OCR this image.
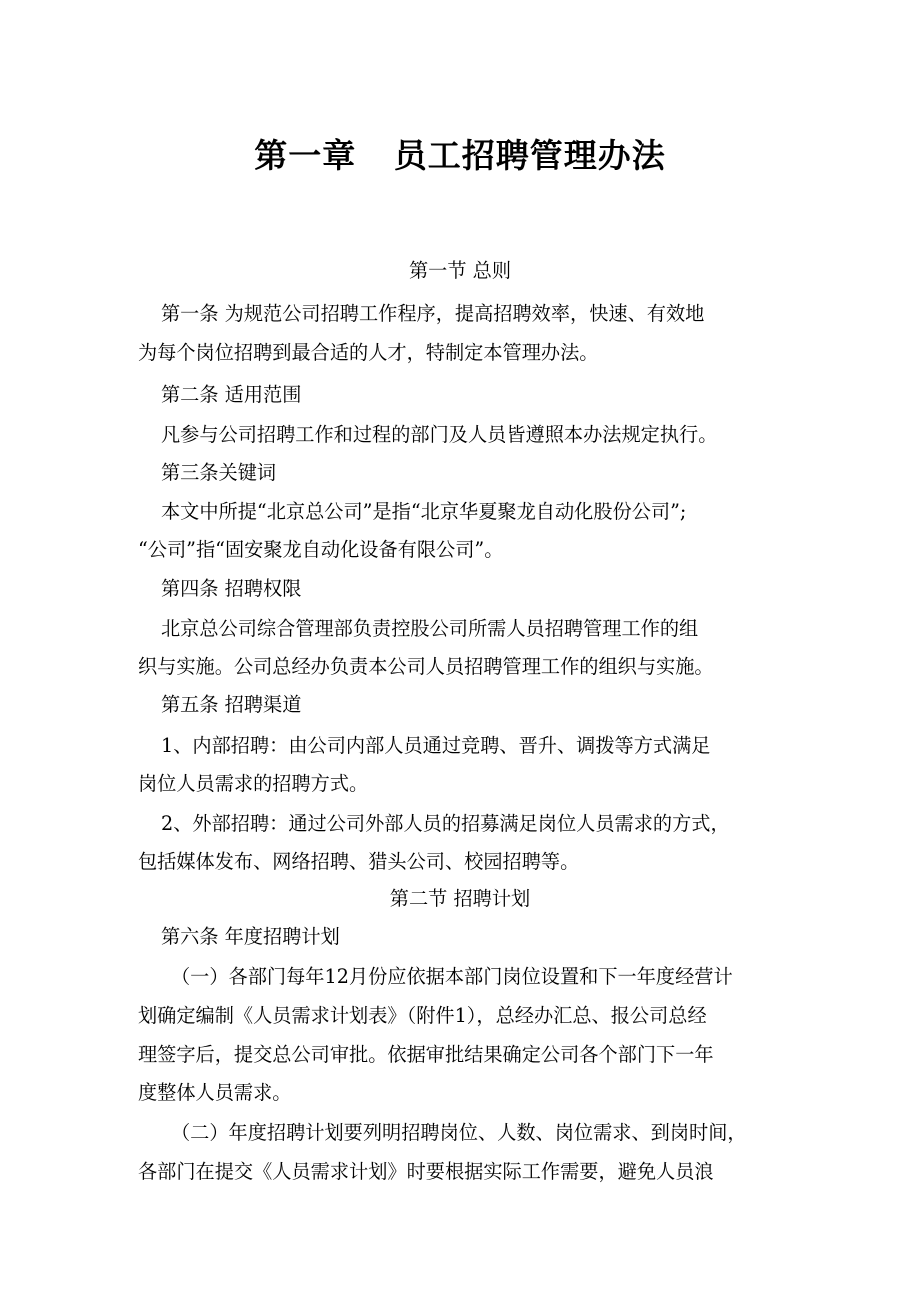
第一章   员工招聘管理办法
第一节 总则
第一条 为规范公司招聘工作程序，提高招聘效率，快速、有效地
为每个岗位招聘到最合适的人才，特制定本管理办法。
第二条 适用范围
凡参与公司招聘工作和过程的部门及人员皆遵照本办法规定执行。
第三条关键词
本文中所提“北京总公司”是指“北京华夏聚龙自动化股份公司”;
“公司”指“固安聚龙自动化设备有限公司”。
第四条 招聘权限
北京总公司综合管理部负责控股公司所需人员招聘管理工作的组
织与实施。公司总经办负责本公司人员招聘管理工作的组织与实施。
第五条 招聘渠道
1、内部招聘：由公司内部人员通过竞聘、晋升、调拨等方式满足
岗位人员需求的招聘方式。
2、外部招聘：通过公司外部人员的招募满足岗位人员需求的方式，
包括媒体发布、网络招聘、猎头公司、校园招聘等。
第二节 招聘计划
第六条 年度招聘计划
（一）各部门每年12月份应依据本部门岗位设置和下一年度经营计
划确定编制《人员需求计划表》（附件1），总经办汇总、报公司总经
理签字后，提交总公司审批。依据审批结果确定公司各个部门下一年
度整体人员需求。
（二）年度招聘计划要列明招聘岗位、人数、岗位需求、到岗时间，
各部门在提交《人员需求计划》时要根据实际工作需要，避免人员浪
